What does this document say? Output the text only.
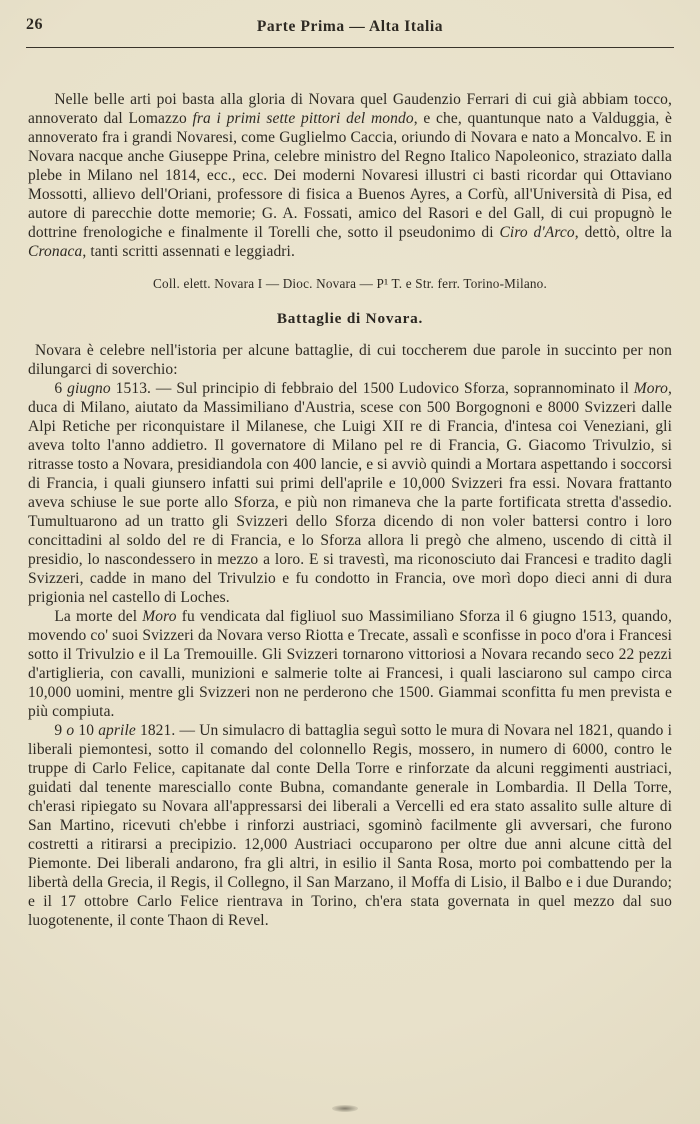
26	Parte Prima — Alta Italia

Nelle belle arti poi basta alla gloria di Novara quel Gaudenzio Ferrari di cui già abbiam tocco, annoverato dal Lomazzo fra i primi sette pittori del mondo, e che, quantunque nato a Valduggia, è annoverato fra i grandi Novaresi, come Guglielmo Caccia, oriundo di Novara e nato a Moncalvo. E in Novara nacque anche Giuseppe Prina, celebre ministro del Regno Italico Napoleonico, straziato dalla plebe in Milano nel 1814, ecc., ecc. Dei moderni Novaresi illustri ci basti ricordar qui Ottaviano Mossotti, allievo dell'Oriani, professore di fisica a Buenos Ayres, a Corfù, all'Università di Pisa, ed autore di parecchie dotte memorie; G. A. Fossati, amico del Rasori e del Gall, di cui propugnò le dottrine frenologiche e finalmente il Torelli che, sotto il pseudonimo di Ciro d'Arco, dettò, oltre la Cronaca, tanti scritti assennati e leggiadri.

Coll. elett. Novara I — Dioc. Novara — P¹ T. e Str. ferr. Torino-Milano.

Battaglie di Novara.

Novara è celebre nell'istoria per alcune battaglie, di cui toccherem due parole in succinto per non dilungarci di soverchio:

6 giugno 1513. — Sul principio di febbraio del 1500 Ludovico Sforza, soprannominato il Moro, duca di Milano, aiutato da Massimiliano d'Austria, scese con 500 Borgognoni e 8000 Svizzeri dalle Alpi Retiche per riconquistare il Milanese, che Luigi XII re di Francia, d'intesa coi Veneziani, gli aveva tolto l'anno addietro. Il governatore di Milano pel re di Francia, G. Giacomo Trivulzio, si ritrasse tosto a Novara, presidiandola con 400 lancie, e si avviò quindi a Mortara aspettando i soccorsi di Francia, i quali giunsero infatti sui primi dell'aprile e 10,000 Svizzeri fra essi. Novara frattanto aveva schiuse le sue porte allo Sforza, e più non rimaneva che la parte fortificata stretta d'assedio. Tumultuarono ad un tratto gli Svizzeri dello Sforza dicendo di non voler battersi contro i loro concittadini al soldo del re di Francia, e lo Sforza allora li pregò che almeno, uscendo di città il presidio, lo nascondessero in mezzo a loro. E si travestì, ma riconosciuto dai Francesi e tradito dagli Svizzeri, cadde in mano del Trivulzio e fu condotto in Francia, ove morì dopo dieci anni di dura prigionia nel castello di Loches.

La morte del Moro fu vendicata dal figliuol suo Massimiliano Sforza il 6 giugno 1513, quando, movendo co' suoi Svizzeri da Novara verso Riotta e Trecate, assalì e sconfisse in poco d'ora i Francesi sotto il Trivulzio e il La Tremouille. Gli Svizzeri tornarono vittoriosi a Novara recando seco 22 pezzi d'artiglieria, con cavalli, munizioni e salmerie tolte ai Francesi, i quali lasciarono sul campo circa 10,000 uomini, mentre gli Svizzeri non ne perderono che 1500. Giammai sconfitta fu men prevista e più compiuta.

9 o 10 aprile 1821. — Un simulacro di battaglia seguì sotto le mura di Novara nel 1821, quando i liberali piemontesi, sotto il comando del colonnello Regis, mossero, in numero di 6000, contro le truppe di Carlo Felice, capitanate dal conte Della Torre e rinforzate da alcuni reggimenti austriaci, guidati dal tenente maresciallo conte Bubna, comandante generale in Lombardia. Il Della Torre, ch'erasi ripiegato su Novara all'appressarsi dei liberali a Vercelli ed era stato assalito sulle alture di San Martino, ricevuti ch'ebbe i rinforzi austriaci, sgominò facilmente gli avversari, che furono costretti a ritirarsi a precipizio. 12,000 Austriaci occuparono per oltre due anni alcune città del Piemonte. Dei liberali andarono, fra gli altri, in esilio il Santa Rosa, morto poi combattendo per la libertà della Grecia, il Regis, il Collegno, il San Marzano, il Moffa di Lisio, il Balbo e i due Durando; e il 17 ottobre Carlo Felice rientrava in Torino, ch'era stata governata in quel mezzo dal suo luogotenente, il conte Thaon di Revel.
